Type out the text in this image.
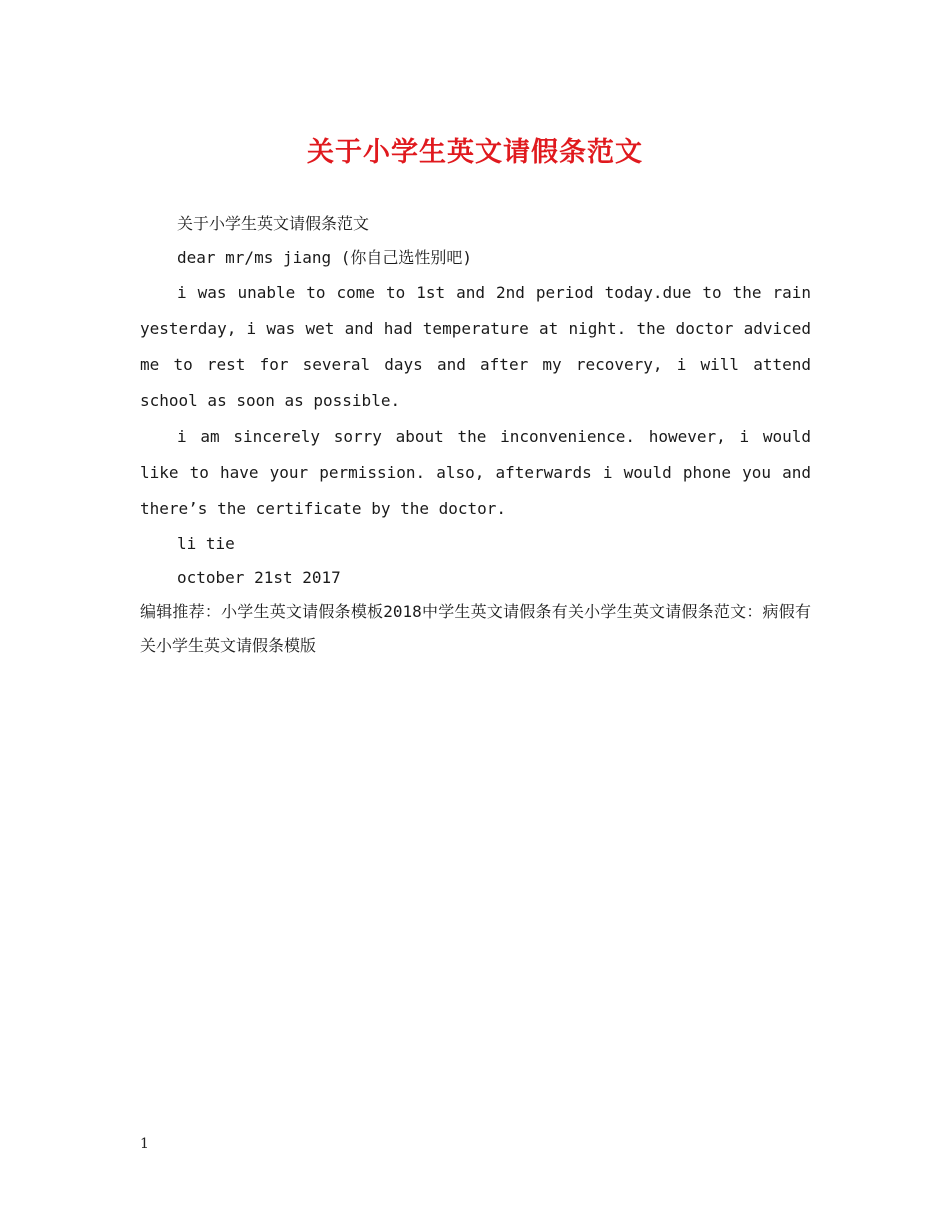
关于小学生英文请假条范文

关于小学生英文请假条范文

dear mr/ms jiang (你自己选性别吧)

i was unable to come to 1st and 2nd period today.due to the rain yesterday, i was wet and had temperature at night. the doctor adviced me to rest for several days and after my recovery, i will attend school as soon as possible.

i am sincerely sorry about the inconvenience. however, i would like to have your permission. also, afterwards i would phone you and there’s the certificate by the doctor.

li tie

october 21st 2017

编辑推荐：小学生英文请假条模板2018中学生英文请假条有关小学生英文请假条范文：病假有关小学生英文请假条模版

1
